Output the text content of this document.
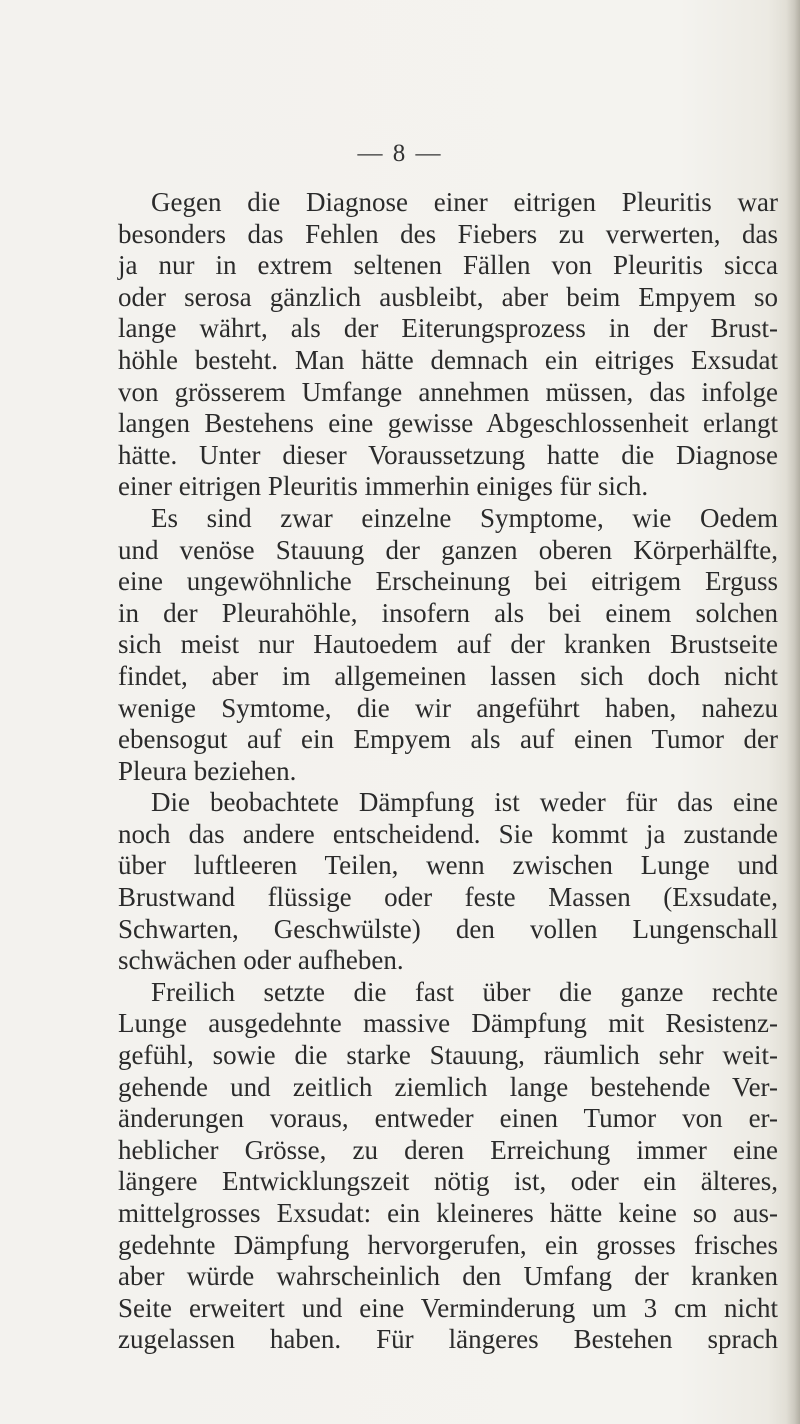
— 8 —
Gegen die Diagnose einer eitrigen Pleuritis war
besonders das Fehlen des Fiebers zu verwerten, das
ja nur in extrem seltenen Fällen von Pleuritis sicca
oder serosa gänzlich ausbleibt, aber beim Empyem so
lange währt, als der Eiterungsprozess in der Brust-
höhle besteht. Man hätte demnach ein eitriges Exsudat
von grösserem Umfange annehmen müssen, das infolge
langen Bestehens eine gewisse Abgeschlossenheit erlangt
hätte. Unter dieser Voraussetzung hatte die Diagnose
einer eitrigen Pleuritis immerhin einiges für sich.
Es sind zwar einzelne Symptome, wie Oedem
und venöse Stauung der ganzen oberen Körperhälfte,
eine ungewöhnliche Erscheinung bei eitrigem Erguss
in der Pleurahöhle, insofern als bei einem solchen
sich meist nur Hautoedem auf der kranken Brustseite
findet, aber im allgemeinen lassen sich doch nicht
wenige Symtome, die wir angeführt haben, nahezu
ebensogut auf ein Empyem als auf einen Tumor der
Pleura beziehen.
Die beobachtete Dämpfung ist weder für das eine
noch das andere entscheidend. Sie kommt ja zustande
über luftleeren Teilen, wenn zwischen Lunge und
Brustwand flüssige oder feste Massen (Exsudate,
Schwarten, Geschwülste) den vollen Lungenschall
schwächen oder aufheben.
Freilich setzte die fast über die ganze rechte
Lunge ausgedehnte massive Dämpfung mit Resistenz-
gefühl, sowie die starke Stauung, räumlich sehr weit-
gehende und zeitlich ziemlich lange bestehende Ver-
änderungen voraus, entweder einen Tumor von er-
heblicher Grösse, zu deren Erreichung immer eine
längere Entwicklungszeit nötig ist, oder ein älteres,
mittelgrosses Exsudat: ein kleineres hätte keine so aus-
gedehnte Dämpfung hervorgerufen, ein grosses frisches
aber würde wahrscheinlich den Umfang der kranken
Seite erweitert und eine Verminderung um 3 cm nicht
zugelassen haben. Für längeres Bestehen sprach
